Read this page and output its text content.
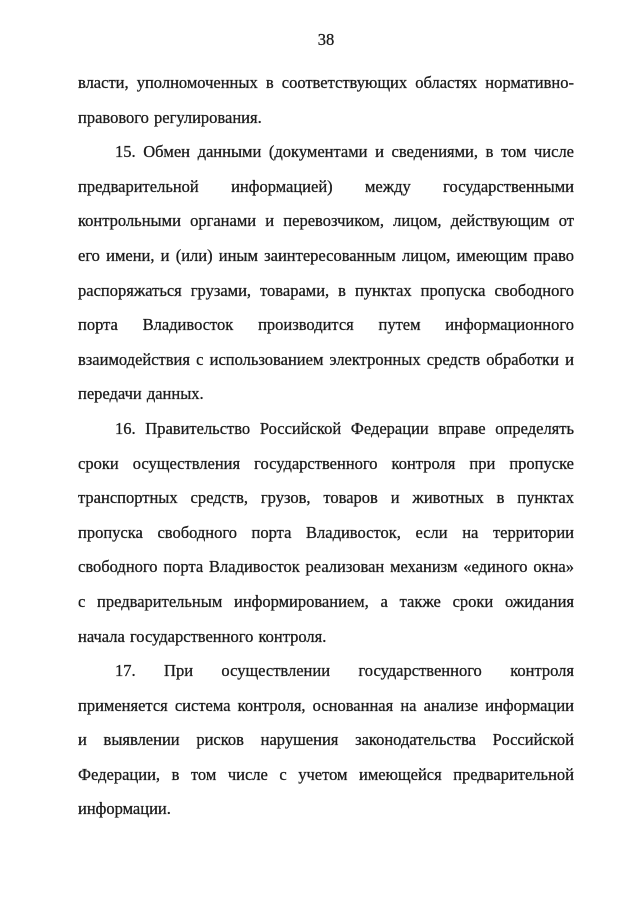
38

власти, уполномоченных в соответствующих областях нормативно-правового регулирования.

15. Обмен данными (документами и сведениями, в том числе предварительной информацией) между государственными контрольными органами и перевозчиком, лицом, действующим от его имени, и (или) иным заинтересованным лицом, имеющим право распоряжаться грузами, товарами, в пунктах пропуска свободного порта Владивосток производится путем информационного взаимодействия с использованием электронных средств обработки и передачи данных.

16. Правительство Российской Федерации вправе определять сроки осуществления государственного контроля при пропуске транспортных средств, грузов, товаров и животных в пунктах пропуска свободного порта Владивосток, если на территории свободного порта Владивосток реализован механизм «единого окна» с предварительным информированием, а также сроки ожидания начала государственного контроля.

17. При осуществлении государственного контроля применяется система контроля, основанная на анализе информации и выявлении рисков нарушения законодательства Российской Федерации, в том числе с учетом имеющейся предварительной информации.
